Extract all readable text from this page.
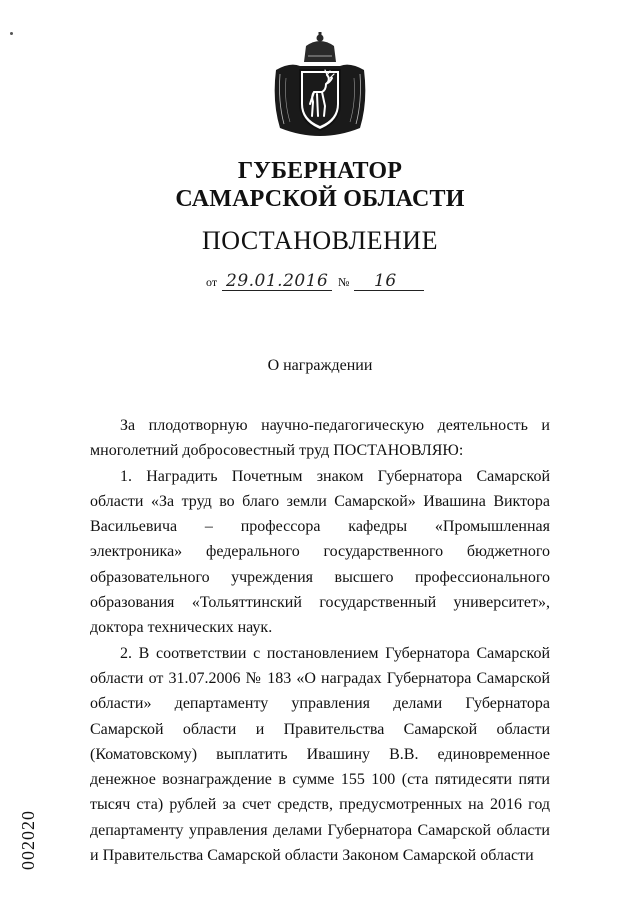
ГУБЕРНАТОР
САМАРСКОЙ ОБЛАСТИ
ПОСТАНОВЛЕНИЕ
от 29.01.2016 № 16
О награждении

За плодотворную научно-педагогическую деятельность и многолетний добросовестный труд ПОСТАНОВЛЯЮ:

1. Наградить Почетным знаком Губернатора Самарской области «За труд во благо земли Самарской» Ивашина Виктора Васильевича – профессора кафедры «Промышленная электроника» федерального государственного бюджетного образовательного учреждения высшего профессионального образования «Тольяттинский государственный университет», доктора технических наук.

2. В соответствии с постановлением Губернатора Самарской области от 31.07.2006 № 183 «О наградах Губернатора Самарской области» департаменту управления делами Губернатора Самарской области и Правительства Самарской области (Коматовскому) выплатить Ивашину В.В. единовременное денежное вознаграждение в сумме 155 100 (ста пятидесяти пяти тысяч ста) рублей за счет средств, предусмотренных на 2016 год департаменту управления делами Губернатора Самарской области и Правительства Самарской области Законом Самарской области

002020
